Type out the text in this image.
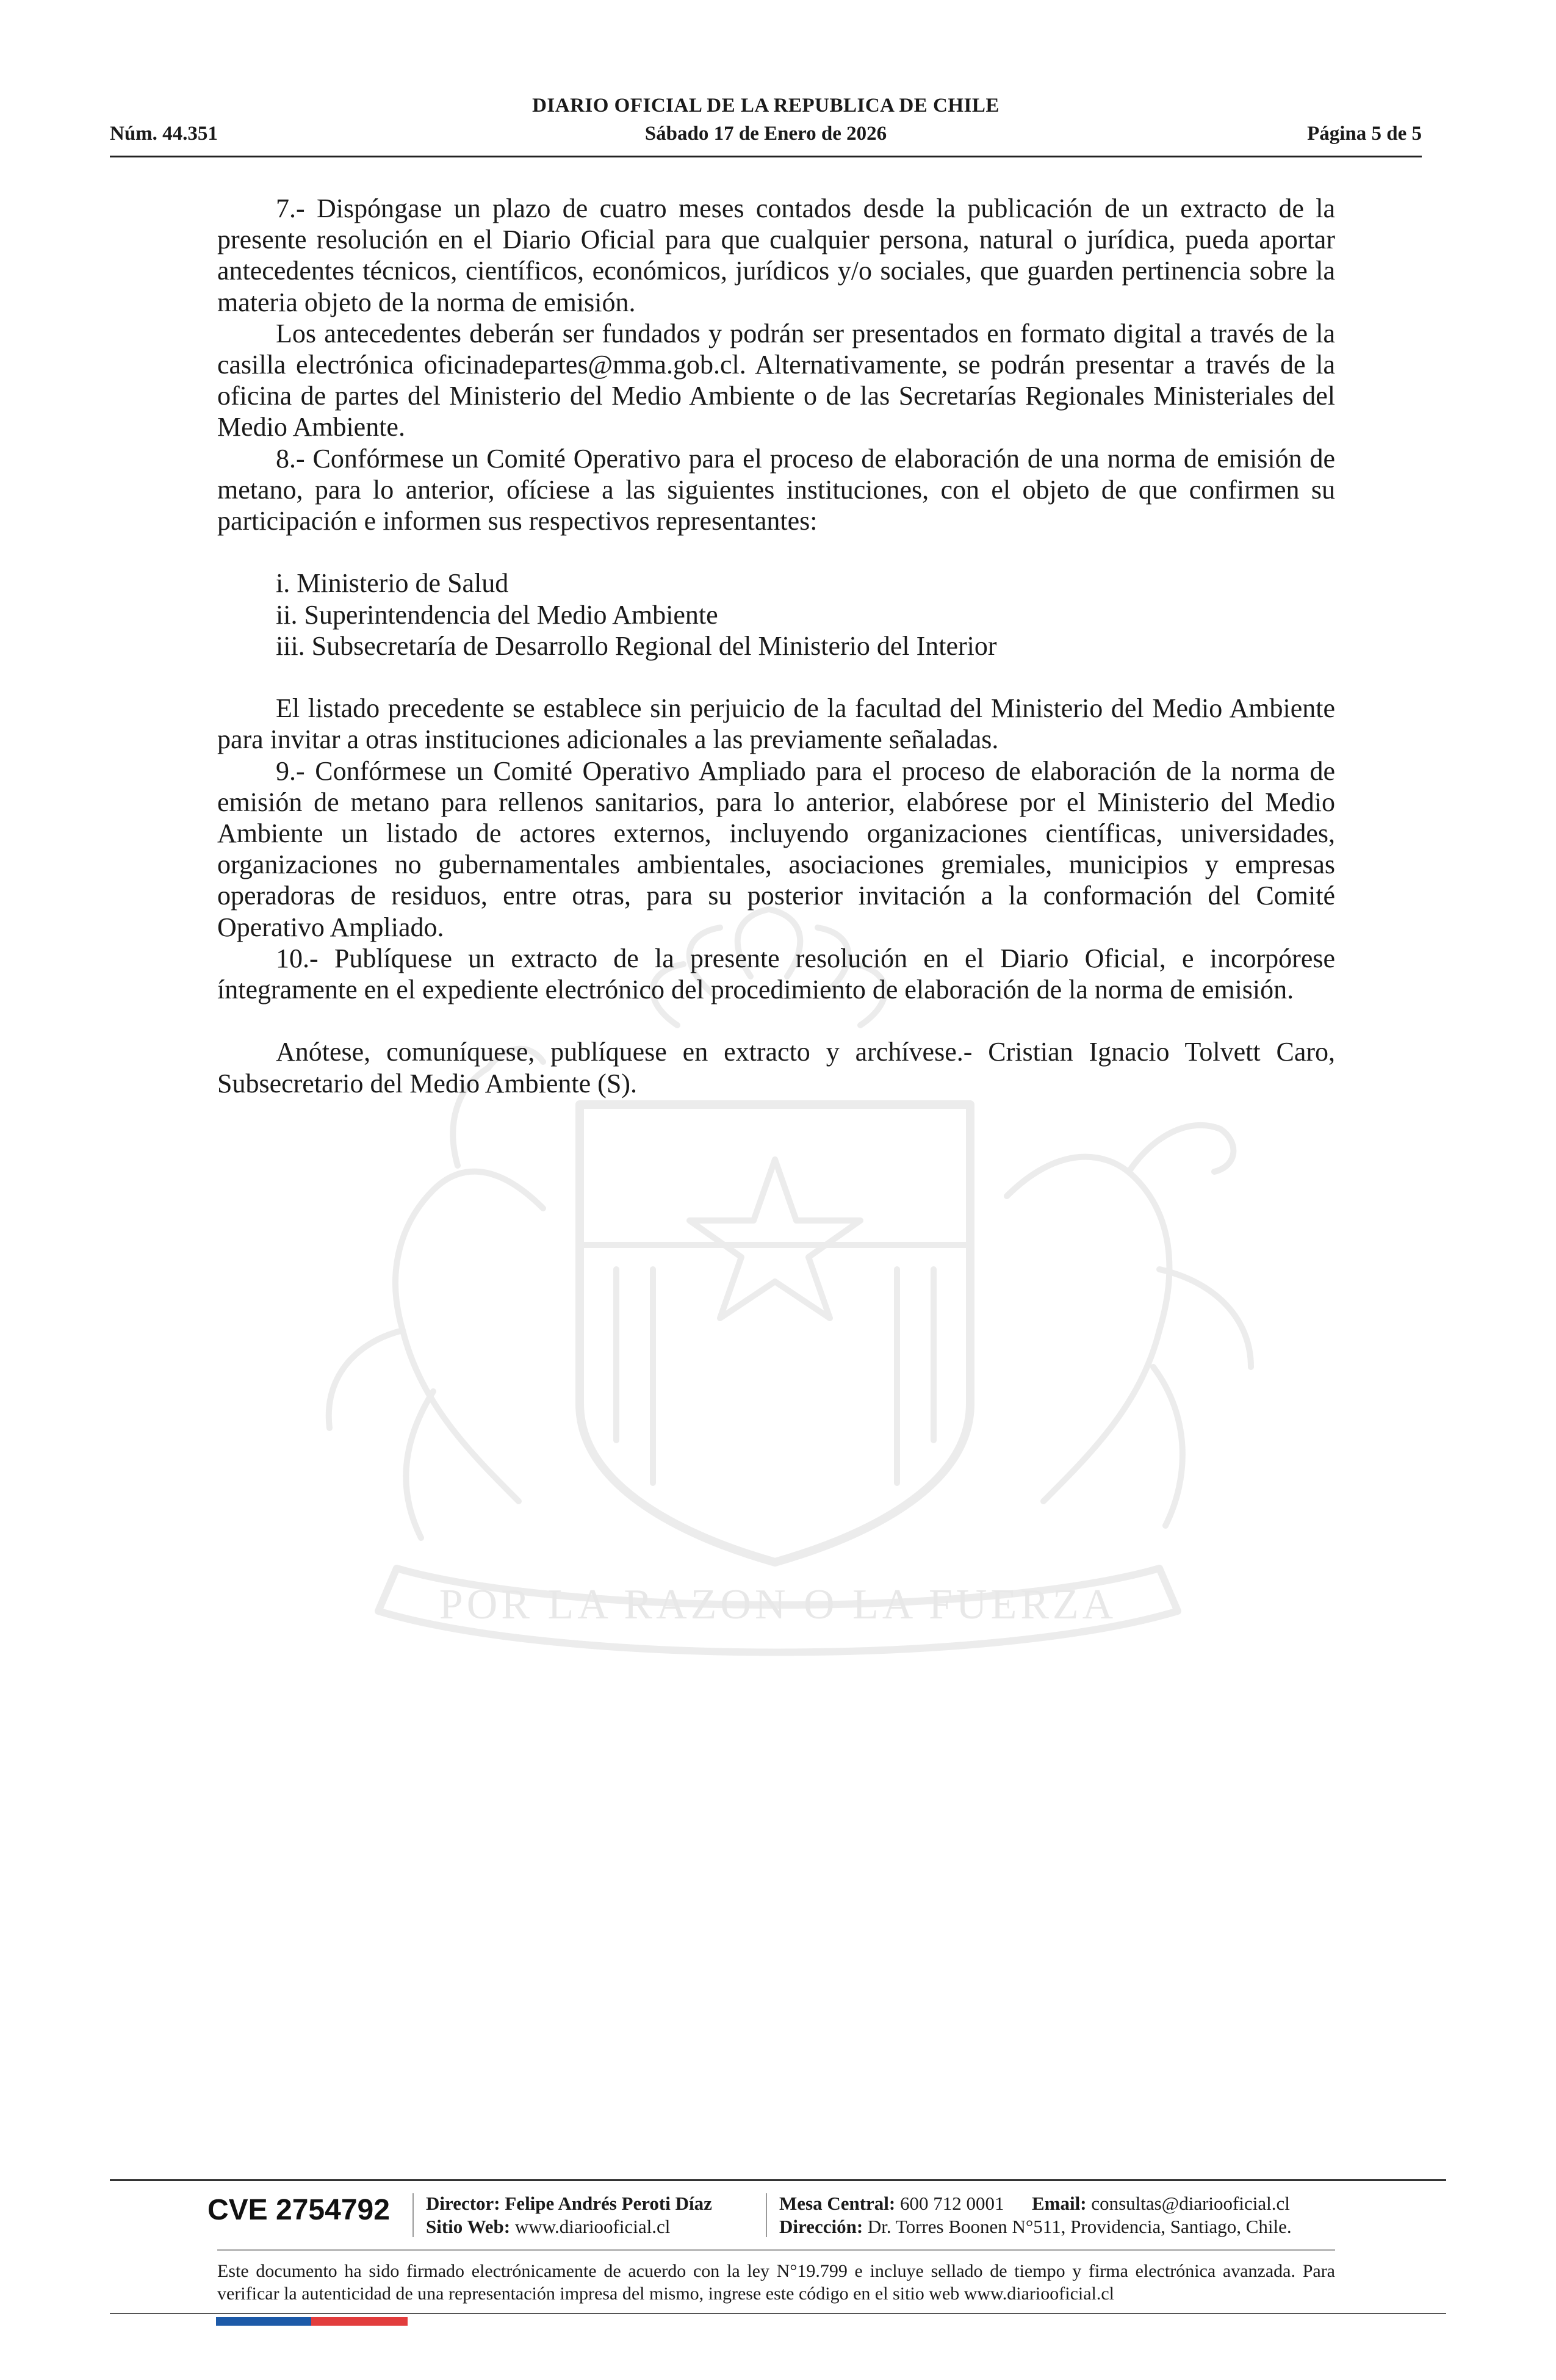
DIARIO OFICIAL DE LA REPUBLICA DE CHILE
Núm. 44.351	Sábado 17 de Enero de 2026	Página 5 de 5
POR LA RAZON O LA FUERZA

7.- Dispóngase un plazo de cuatro meses contados desde la publicación de un extracto de la presente resolución en el Diario Oficial para que cualquier persona, natural o jurídica, pueda aportar antecedentes técnicos, científicos, económicos, jurídicos y/o sociales, que guarden pertinencia sobre la materia objeto de la norma de emisión.

Los antecedentes deberán ser fundados y podrán ser presentados en formato digital a través de la casilla electrónica oficinadepartes@mma.gob.cl. Alternativamente, se podrán presentar a través de la oficina de partes del Ministerio del Medio Ambiente o de las Secretarías Regionales Ministeriales del Medio Ambiente.

8.- Confórmese un Comité Operativo para el proceso de elaboración de una norma de emisión de metano, para lo anterior, ofíciese a las siguientes instituciones, con el objeto de que confirmen su participación e informen sus respectivos representantes:

i. Ministerio de Salud

ii. Superintendencia del Medio Ambiente

iii. Subsecretaría de Desarrollo Regional del Ministerio del Interior

El listado precedente se establece sin perjuicio de la facultad del Ministerio del Medio Ambiente para invitar a otras instituciones adicionales a las previamente señaladas.

9.- Confórmese un Comité Operativo Ampliado para el proceso de elaboración de la norma de emisión de metano para rellenos sanitarios, para lo anterior, elabórese por el Ministerio del Medio Ambiente un listado de actores externos, incluyendo organizaciones científicas, universidades, organizaciones no gubernamentales ambientales, asociaciones gremiales, municipios y empresas operadoras de residuos, entre otras, para su posterior invitación a la conformación del Comité Operativo Ampliado.

10.- Publíquese un extracto de la presente resolución en el Diario Oficial, e incorpórese íntegramente en el expediente electrónico del procedimiento de elaboración de la norma de emisión.

Anótese, comuníquese, publíquese en extracto y archívese.- Cristian Ignacio Tolvett Caro, Subsecretario del Medio Ambiente (S).

CVE 2754792 Director: Felipe Andrés Peroti Díaz
Sitio Web: www.diariooficial.cl
Mesa Central: 600 712 0001 Email: consultas@diariooficial.cl
Dirección: Dr. Torres Boonen N°511, Providencia, Santiago, Chile.
Este documento ha sido firmado electrónicamente de acuerdo con la ley N°19.799 e incluye sellado de tiempo y firma electrónica avanzada. Para verificar la autenticidad de una representación impresa del mismo, ingrese este código en el sitio web www.diariooficial.cl
